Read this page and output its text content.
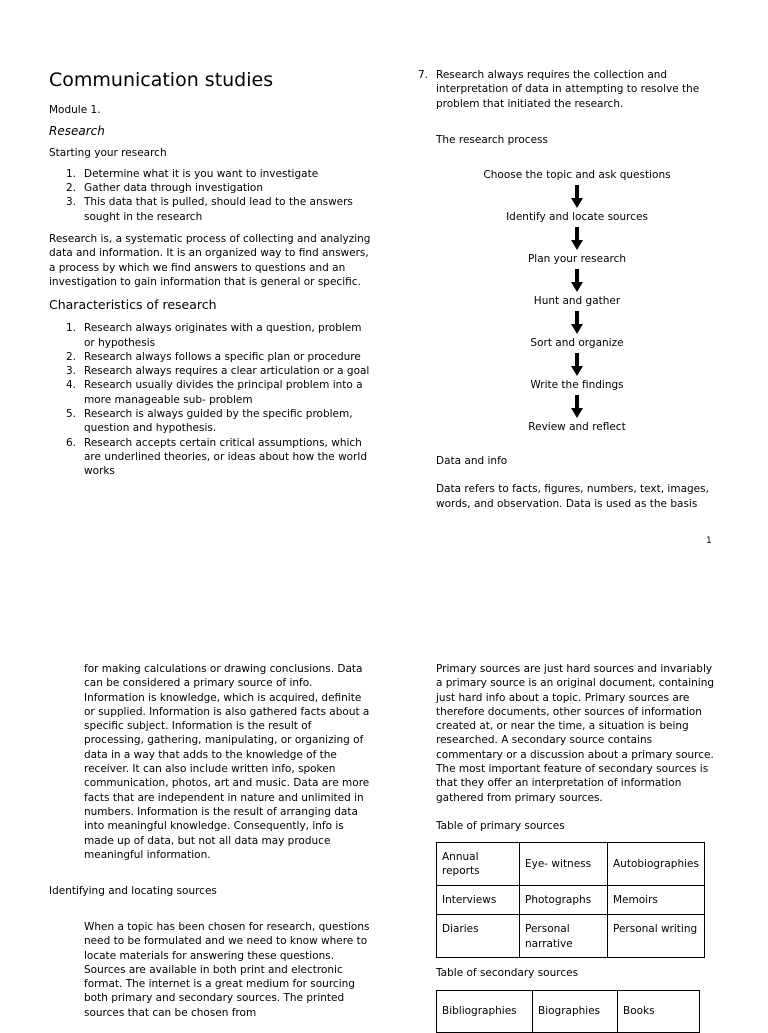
Communication studies

Module 1.

Research

Starting your research

1. Determine what it is you want to investigate
2. Gather data through investigation
3. This data that is pulled, should lead to the answers sought in the research

Research is, a systematic process of collecting and analyzing data and information. It is an organized way to find answers, a process by which we find answers to questions and an investigation to gain information that is general or specific.

Characteristics of research

1. Research always originates with a question, problem or hypothesis
2. Research always follows a specific plan or procedure
3. Research always requires a clear articulation or a goal
4. Research usually divides the principal problem into a more manageable sub- problem
5. Research is always guided by the specific problem, question and hypothesis.
6. Research accepts certain critical assumptions, which are underlined theories, or ideas about how the world works
7. Research always requires the collection and interpretation of data in attempting to resolve the problem that initiated the research.

The research process

Choose the topic and ask questions
Identify and locate sources
Plan your research
Hunt and gather
Sort and organize
Write the findings
Review and reflect

Data and info

Data refers to facts, figures, numbers, text, images, words, and observation. Data is used as the basis

1

for making calculations or drawing conclusions. Data can be considered a primary source of info. Information is knowledge, which is acquired, definite or supplied. Information is also gathered facts about a specific subject. Information is the result of processing, gathering, manipulating, or organizing of data in a way that adds to the knowledge of the receiver. It can also include written info, spoken communication, photos, art and music. Data are more facts that are independent in nature and unlimited in numbers. Information is the result of arranging data into meaningful knowledge. Consequently, info is made up of data, but not all data may produce meaningful information.

Identifying and locating sources

When a topic has been chosen for research, questions need to be formulated and we need to know where to locate materials for answering these questions. Sources are available in both print and electronic format. The internet is a great medium for sourcing both primary and secondary sources. The printed sources that can be chosen from

Primary sources are just hard sources and invariably a primary source is an original document, containing just hard info about a topic. Primary sources are therefore documents, other sources of information created at, or near the time, a situation is being researched. A secondary source contains commentary or a discussion about a primary source. The most important feature of secondary sources is that they offer an interpretation of information gathered from primary sources.

Table of primary sources

Annual reports	Eye- witness	Autobiographies
Interviews	Photographs	Memoirs
Diaries	Personal narrative	Personal writing

Table of secondary sources

Bibliographies	Biographies	Books
